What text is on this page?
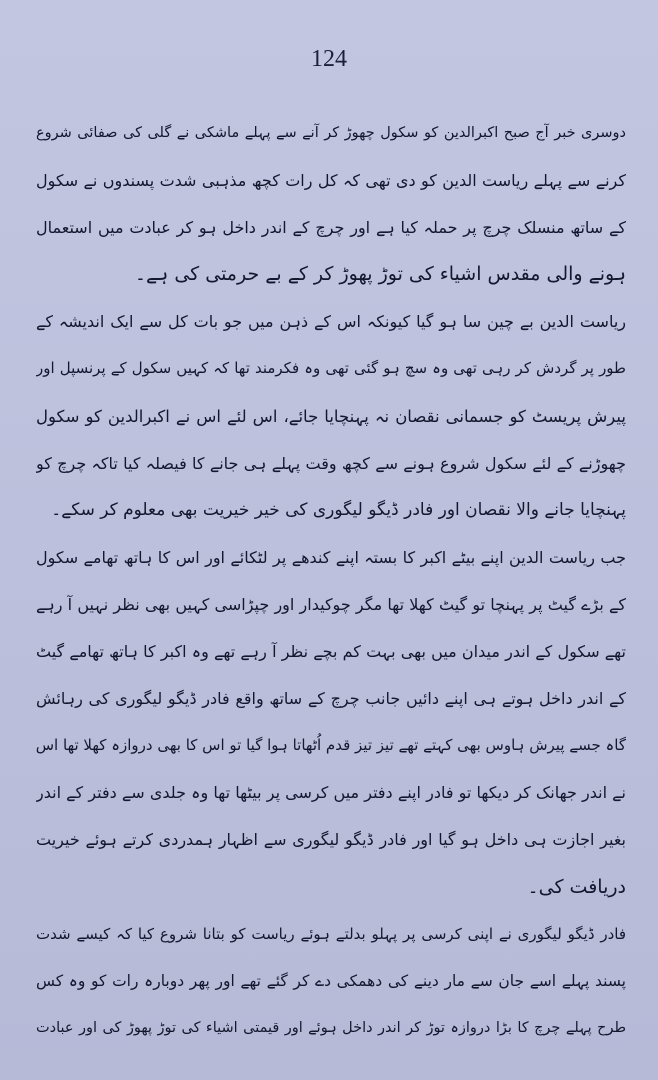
124
دوسری خبر آج صبح اکبرالدین کو سکول چھوڑ کر آنے سے پہلے ماشکی نے گلی کی صفائی شروع
کرنے سے پہلے ریاست الدین کو دی تھی کہ کل رات کچھ مذہبی شدت پسندوں نے سکول
کے ساتھ منسلک چرچ پر حملہ کیا ہے اور چرچ کے اندر داخل ہو کر عبادت میں استعمال
ہونے والی مقدس اشیاء کی توڑ پھوڑ کر کے بے حرمتی کی ہے۔
ریاست الدین بے چین سا ہو گیا کیونکہ اس کے ذہن میں جو بات کل سے ایک اندیشہ کے
طور پر گردش کر رہی تھی وہ سچ ہو گئی تھی وہ فکرمند تھا کہ کہیں سکول کے پرنسپل اور
پیرش پریسٹ کو جسمانی نقصان نہ پہنچایا جائے، اس لئے اس نے اکبرالدین کو سکول
چھوڑنے کے لئے سکول شروع ہونے سے کچھ وقت پہلے ہی جانے کا فیصلہ کیا تاکہ چرچ کو
پہنچایا جانے والا نقصان اور فادر ڈیگو لیگوری کی خیر خیریت بھی معلوم کر سکے۔
جب ریاست الدین اپنے بیٹے اکبر کا بستہ اپنے کندھے پر لٹکائے اور اس کا ہاتھ تھامے سکول
کے بڑے گیٹ پر پہنچا تو گیٹ کھلا تھا مگر چوکیدار اور چپڑاسی کہیں بھی نظر نہیں آ رہے
تھے سکول کے اندر میدان میں بھی بہت کم بچے نظر آ رہے تھے وہ اکبر کا ہاتھ تھامے گیٹ
کے اندر داخل ہوتے ہی اپنے دائیں جانب چرچ کے ساتھ واقع فادر ڈیگو لیگوری کی رہائش
گاہ جسے پیرش ہاوس بھی کہتے تھے تیز تیز قدم اُٹھاتا ہوا گیا تو اس کا بھی دروازہ کھلا تھا اس
نے اندر جھانک کر دیکھا تو فادر اپنے دفتر میں کرسی پر بیٹھا تھا وہ جلدی سے دفتر کے اندر
بغیر اجازت ہی داخل ہو گیا اور فادر ڈیگو لیگوری سے اظہار ہمدردی کرتے ہوئے خیریت
دریافت کی۔
فادر ڈیگو لیگوری نے اپنی کرسی پر پہلو بدلتے ہوئے ریاست کو بتانا شروع کیا کہ کیسے شدت
پسند پہلے اسے جان سے مار دینے کی دھمکی دے کر گئے تھے اور پھر دوبارہ رات کو وہ کس
طرح پہلے چرچ کا بڑا دروازہ توڑ کر اندر داخل ہوئے اور قیمتی اشیاء کی توڑ پھوڑ کی اور عبادت
